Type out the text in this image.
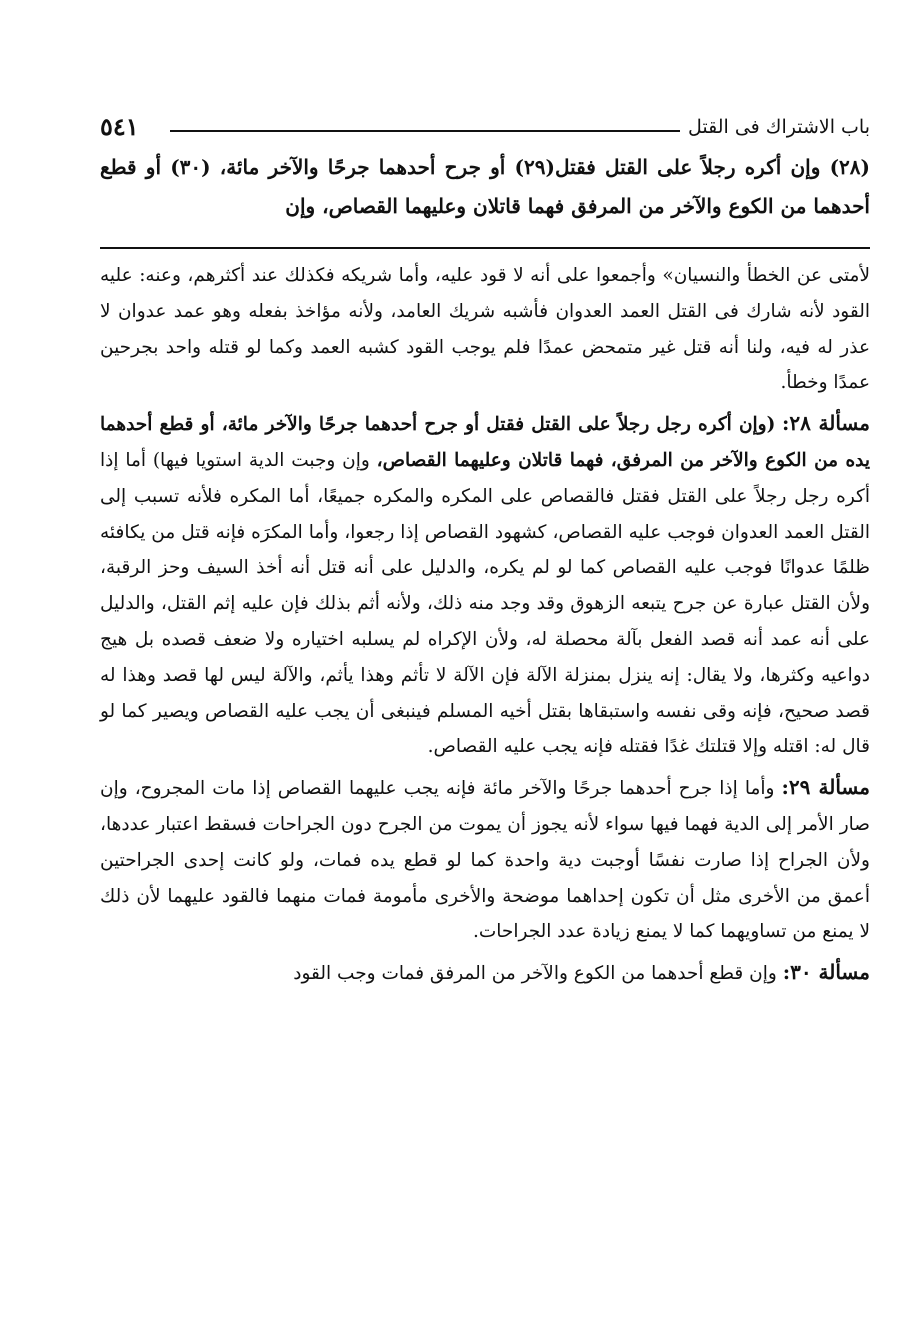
باب الاشتراك فى القتل
٥٤١
(٢٨) وإن أكره رجلاً على القتل فقتل(٢٩) أو جرح أحدهما جرحًا والآخر مائة، (٣٠) أو قطع أحدهما من الكوع والآخر من المرفق فهما قاتلان وعليهما القصاص، وإن

لأمتى عن الخطأ والنسيان» وأجمعوا على أنه لا قود عليه، وأما شريكه فكذلك عند أكثرهم، وعنه: عليه القود لأنه شارك فى القتل العمد العدوان فأشبه شريك العامد، ولأنه مؤاخذ بفعله وهو عمد عدوان لا عذر له فيه، ولنا أنه قتل غير متمحض عمدًا فلم يوجب القود كشبه العمد وكما لو قتله واحد بجرحين عمدًا وخطأ.

مسألة ٢٨: (وإن أكره رجل رجلاً على القتل فقتل أو جرح أحدهما جرحًا والآخر مائة، أو قطع أحدهما يده من الكوع والآخر من المرفق، فهما قاتلان وعليهما القصاص، وإن وجبت الدية استويا فيها) أما إذا أكره رجل رجلاً على القتل فقتل فالقصاص على المكره والمكره جميعًا، أما المكره فلأنه تسبب إلى القتل العمد العدوان فوجب عليه القصاص، كشهود القصاص إذا رجعوا، وأما المكرَه فإنه قتل من يكافئه ظلمًا عدوانًا فوجب عليه القصاص كما لو لم يكره، والدليل على أنه قتل أنه أخذ السيف وحز الرقبة، ولأن القتل عبارة عن جرح يتبعه الزهوق وقد وجد منه ذلك، ولأنه أثم بذلك فإن عليه إثم القتل، والدليل على أنه عمد أنه قصد الفعل بآلة محصلة له، ولأن الإكراه لم يسلبه اختياره ولا ضعف قصده بل هيج دواعيه وكثرها، ولا يقال: إنه ينزل بمنزلة الآلة فإن الآلة لا تأثم وهذا يأثم، والآلة ليس لها قصد وهذا له قصد صحيح، فإنه وقى نفسه واستبقاها بقتل أخيه المسلم فينبغى أن يجب عليه القصاص ويصير كما لو قال له: اقتله وإلا قتلتك غدًا فقتله فإنه يجب عليه القصاص.

مسألة ٢٩: وأما إذا جرح أحدهما جرحًا والآخر مائة فإنه يجب عليهما القصاص إذا مات المجروح، وإن صار الأمر إلى الدية فهما فيها سواء لأنه يجوز أن يموت من الجرح دون الجراحات فسقط اعتبار عددها، ولأن الجراح إذا صارت نفسًا أوجبت دية واحدة كما لو قطع يده فمات، ولو كانت إحدى الجراحتين أعمق من الأخرى مثل أن تكون إحداهما موضحة والأخرى مأمومة فمات منهما فالقود عليهما لأن ذلك لا يمنع من تساويهما كما لا يمنع زيادة عدد الجراحات.

مسألة ٣٠: وإن قطع أحدهما من الكوع والآخر من المرفق فمات وجب القود
